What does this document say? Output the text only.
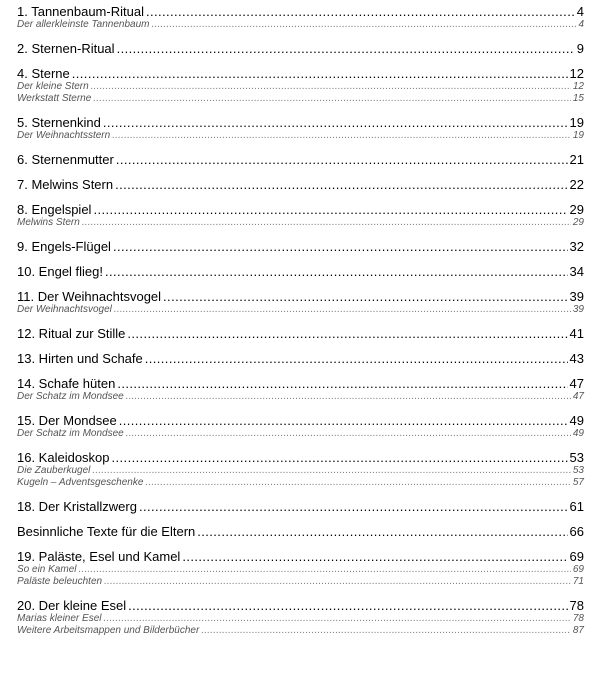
1. Tannenbaum-Ritual .....	4
Der allerkleinste Tannenbaum .....	4
2. Sternen-Ritual .....	9
4. Sterne .....	12
Der kleine Stern .....	12
Werkstatt Sterne .....	15
5. Sternenkind .....	19
Der Weihnachtsstern .....	19
6. Sternenmutter .....	21
7. Melwins Stern .....	22
8. Engelspiel .....	29
Melwins Stern .....	29
9. Engels-Flügel .....	32
10. Engel flieg! .....	34
11. Der Weihnachtsvogel .....	39
Der Weihnachtsvogel .....	39
12. Ritual zur Stille .....	41
13. Hirten und Schafe .....	43
14. Schafe hüten .....	47
Der Schatz im Mondsee .....	47
15. Der Mondsee .....	49
Der Schatz im Mondsee .....	49
16. Kaleidoskop .....	53
Die Zauberkugel .....	53
Kugeln – Adventsgeschenke .....	57
18. Der Kristallzwerg .....	61
Besinnliche Texte für die Eltern .....	66
19. Paläste, Esel und Kamel .....	69
So ein Kamel .....	69
Paläste beleuchten .....	71
20. Der kleine Esel .....	78
Marias kleiner Esel .....	78
Weitere Arbeitsmappen und Bilderbücher .....	87
